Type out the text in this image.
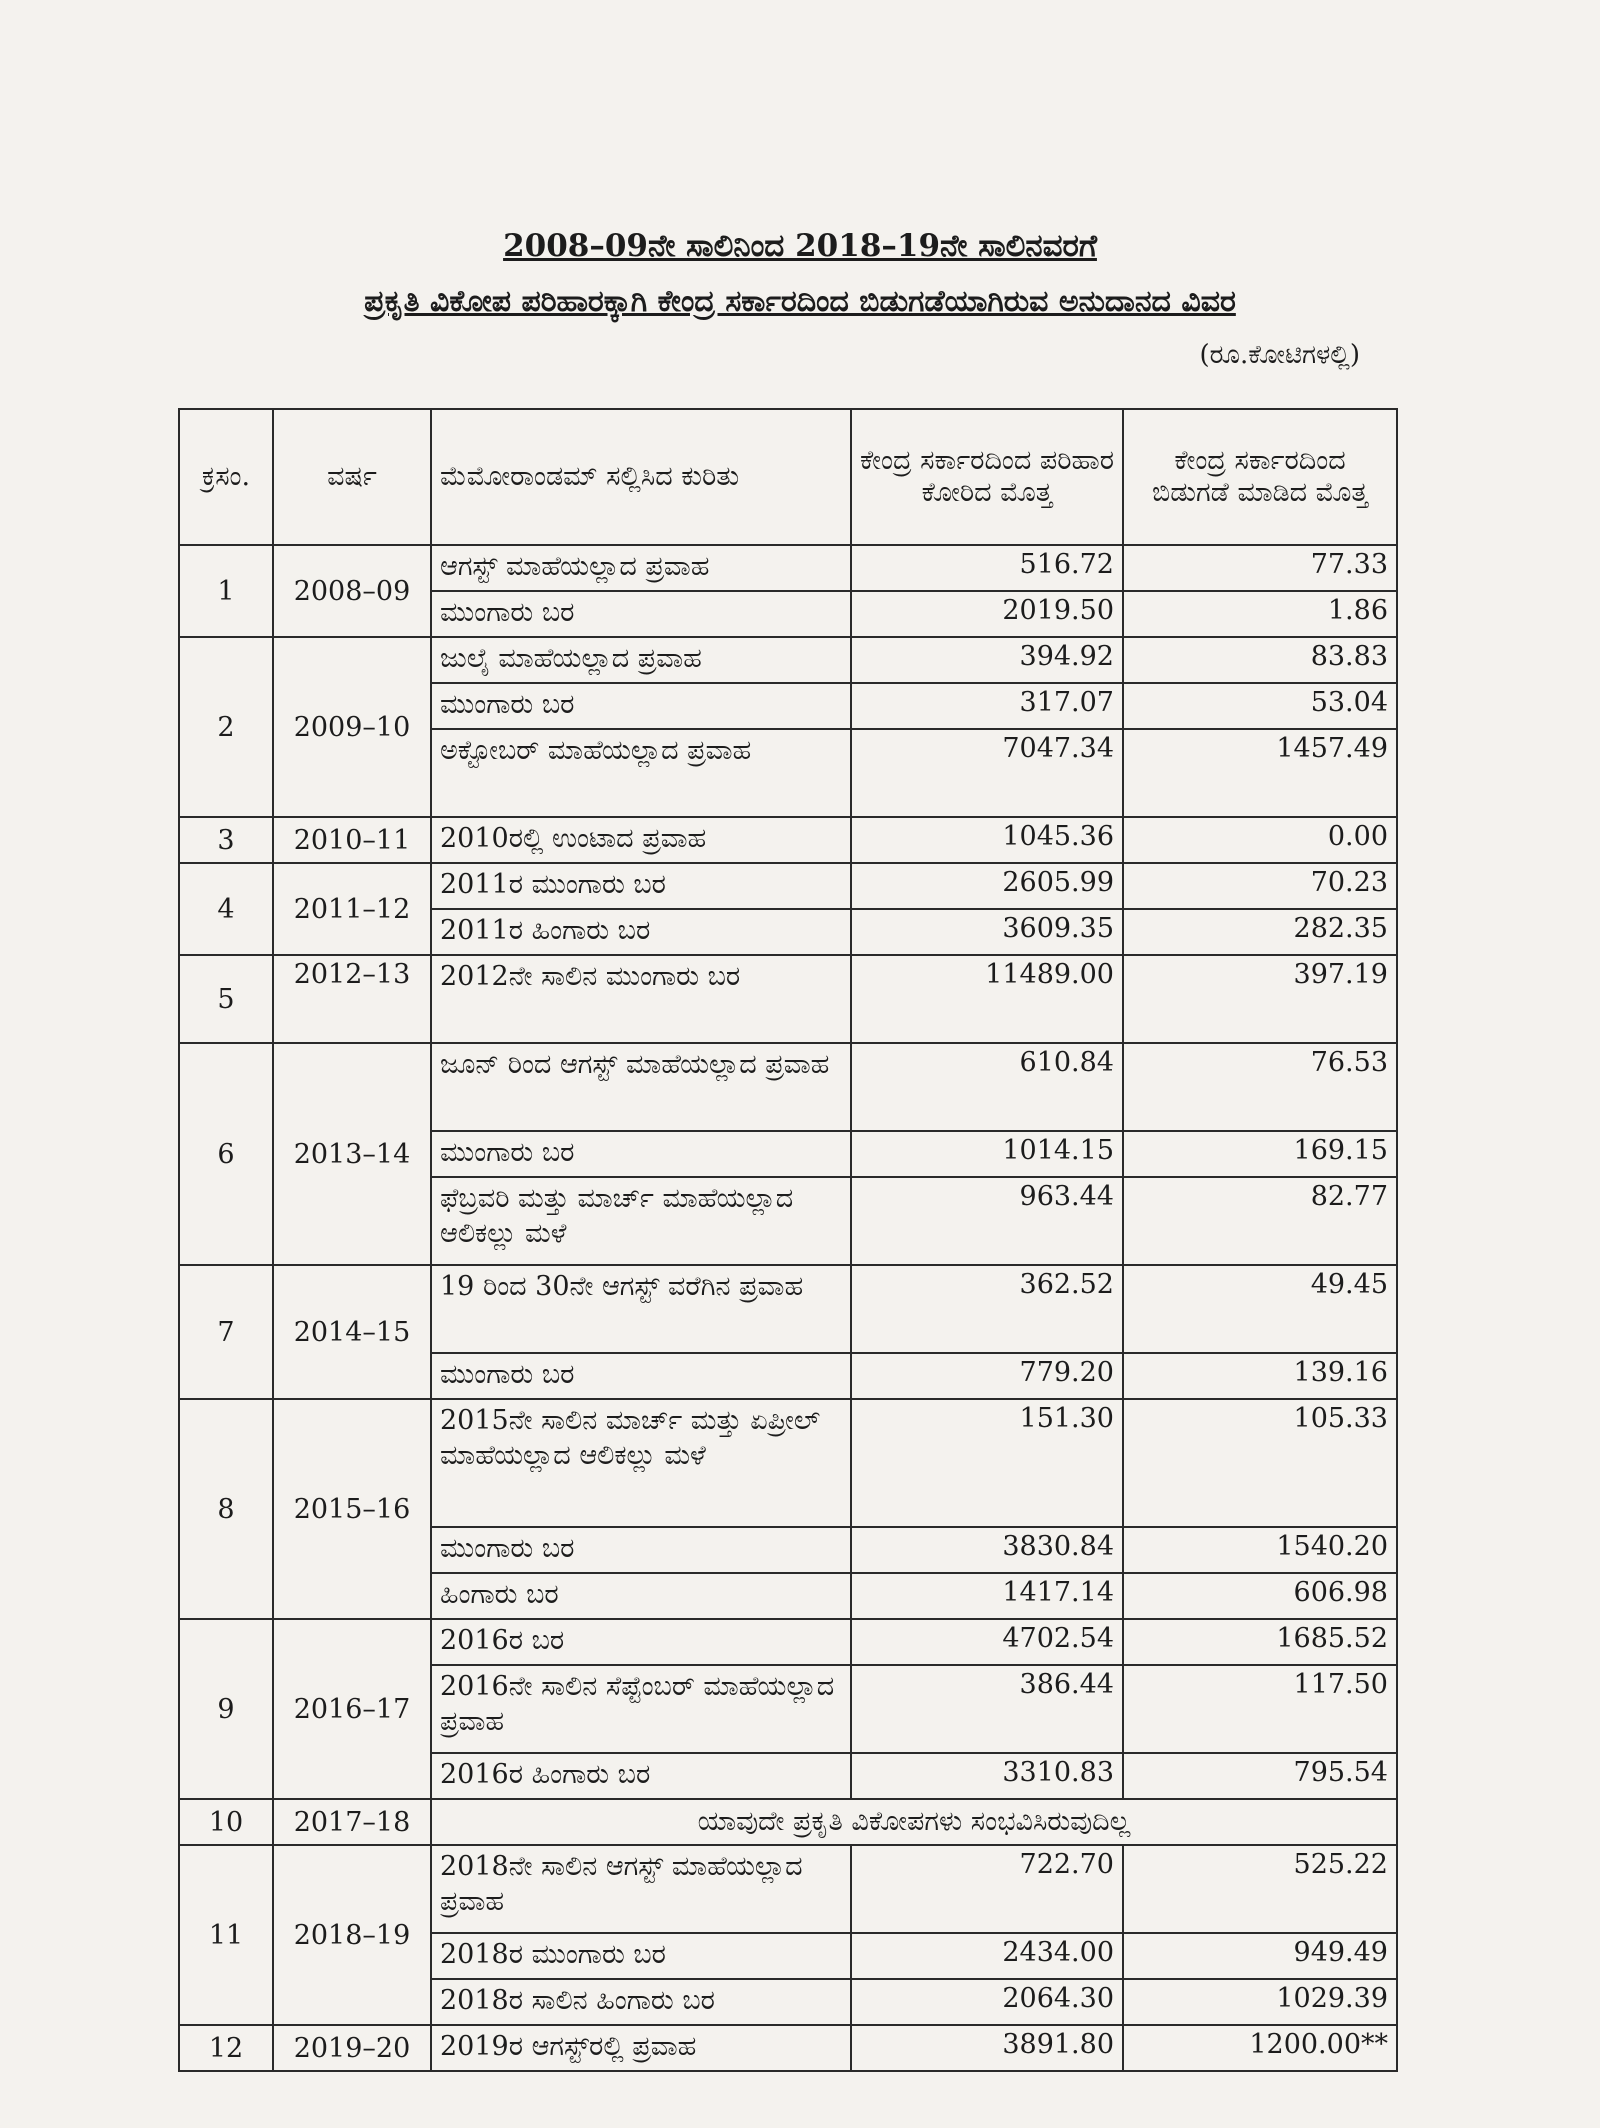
2008–09ನೇ ಸಾಲಿನಿಂದ 2018–19ನೇ ಸಾಲಿನವರಗೆ
ಪ್ರಕೃತಿ ವಿಕೋಪ ಪರಿಹಾರಕ್ಕಾಗಿ ಕೇಂದ್ರ ಸರ್ಕಾರದಿಂದ ಬಿಡುಗಡೆಯಾಗಿರುವ ಅನುದಾನದ ವಿವರ
(ರೂ.ಕೋಟಿಗಳಲ್ಲಿ)
ಕ್ರಸಂ.	ವರ್ಷ	ಮೆಮೋರಾಂಡಮ್ ಸಲ್ಲಿಸಿದ ಕುರಿತು	ಕೇಂದ್ರ ಸರ್ಕಾರದಿಂದ ಪರಿಹಾರ ಕೋರಿದ ಮೊತ್ತ	ಕೇಂದ್ರ ಸರ್ಕಾರದಿಂದ ಬಿಡುಗಡೆ ಮಾಡಿದ ಮೊತ್ತ
1	2008–09	ಆಗಸ್ಟ್ ಮಾಹೆಯಲ್ಲಾದ ಪ್ರವಾಹ	516.72	77.33
		ಮುಂಗಾರು ಬರ	2019.50	1.86
2	2009–10	ಜುಲೈ ಮಾಹೆಯಲ್ಲಾದ ಪ್ರವಾಹ	394.92	83.83
		ಮುಂಗಾರು ಬರ	317.07	53.04
		ಅಕ್ಟೋಬರ್ ಮಾಹೆಯಲ್ಲಾದ ಪ್ರವಾಹ	7047.34	1457.49
3	2010–11	2010ರಲ್ಲಿ ಉಂಟಾದ ಪ್ರವಾಹ	1045.36	0.00
4	2011–12	2011ರ ಮುಂಗಾರು ಬರ	2605.99	70.23
		2011ರ ಹಿಂಗಾರು ಬರ	3609.35	282.35
5	2012–13	2012ನೇ ಸಾಲಿನ ಮುಂಗಾರು ಬರ	11489.00	397.19
6	2013–14	ಜೂನ್ ರಿಂದ ಆಗಸ್ಟ್ ಮಾಹೆಯಲ್ಲಾದ ಪ್ರವಾಹ	610.84	76.53
		ಮುಂಗಾರು ಬರ	1014.15	169.15
		ಫೆಬ್ರವರಿ ಮತ್ತು ಮಾರ್ಚ್ ಮಾಹೆಯಲ್ಲಾದ ಆಲಿಕಲ್ಲು ಮಳೆ	963.44	82.77
7	2014–15	19 ರಿಂದ 30ನೇ ಆಗಸ್ಟ್ ವರೆಗಿನ ಪ್ರವಾಹ	362.52	49.45
		ಮುಂಗಾರು ಬರ	779.20	139.16
8	2015–16	2015ನೇ ಸಾಲಿನ ಮಾರ್ಚ್ ಮತ್ತು ಏಪ್ರೀಲ್ ಮಾಹೆಯಲ್ಲಾದ ಆಲಿಕಲ್ಲು ಮಳೆ	151.30	105.33
		ಮುಂಗಾರು ಬರ	3830.84	1540.20
		ಹಿಂಗಾರು ಬರ	1417.14	606.98
9	2016–17	2016ರ ಬರ	4702.54	1685.52
		2016ನೇ ಸಾಲಿನ ಸೆಪ್ಟೆಂಬರ್ ಮಾಹೆಯಲ್ಲಾದ ಪ್ರವಾಹ	386.44	117.50
		2016ರ ಹಿಂಗಾರು ಬರ	3310.83	795.54
10	2017–18	ಯಾವುದೇ ಪ್ರಕೃತಿ ವಿಕೋಪಗಳು ಸಂಭವಿಸಿರುವುದಿಲ್ಲ		
11	2018–19	2018ನೇ ಸಾಲಿನ ಆಗಸ್ಟ್ ಮಾಹೆಯಲ್ಲಾದ ಪ್ರವಾಹ	722.70	525.22
		2018ರ ಮುಂಗಾರು ಬರ	2434.00	949.49
		2018ರ ಸಾಲಿನ ಹಿಂಗಾರು ಬರ	2064.30	1029.39
12	2019–20	2019ರ ಆಗಸ್ಟ್‌ರಲ್ಲಿ ಪ್ರವಾಹ	3891.80	1200.00**
